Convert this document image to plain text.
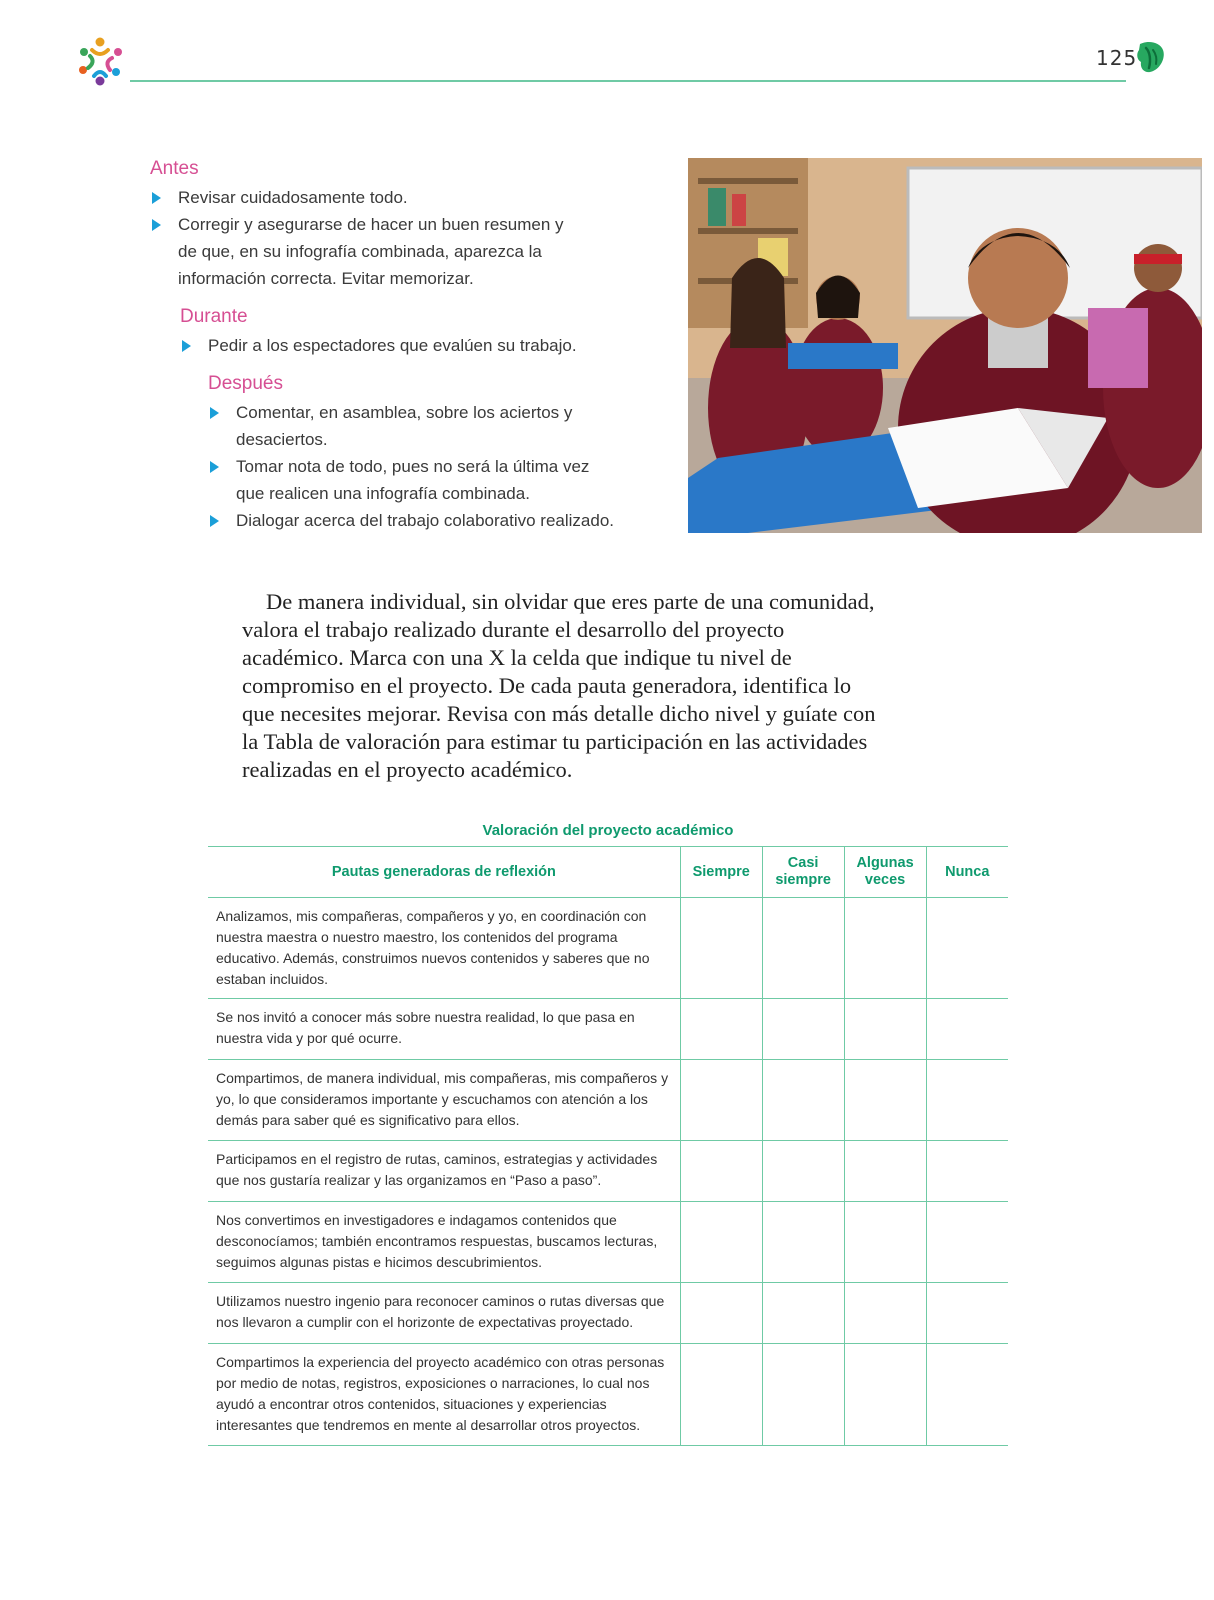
125
Antes
Revisar cuidadosamente todo.
Corregir y asegurarse de hacer un buen resumen y de que, en su infografía combinada, aparezca la información correcta. Evitar memorizar.
Durante
Pedir a los espectadores que evalúen su trabajo.
Después
Comentar, en asamblea, sobre los aciertos y desaciertos.
Tomar nota de todo, pues no será la última vez que realicen una infografía combinada.
Dialogar acerca del trabajo colaborativo realizado.

De manera individual, sin olvidar que eres parte de una comunidad, valora el trabajo realizado durante el desarrollo del proyecto académico. Marca con una X la celda que indique tu nivel de compromiso en el proyecto. De cada pauta generadora, identifica lo que necesites mejorar. Revisa con más detalle dicho nivel y guíate con la Tabla de valoración para estimar tu participación en las actividades realizadas en el proyecto académico.

Valoración del proyecto académico
Pautas generadoras de reflexión	Siempre	Casi siempre	Algunas veces	Nunca
Analizamos, mis compañeras, compañeros y yo, en coordinación con nuestra maestra o nuestro maestro, los contenidos del programa educativo. Además, construimos nuevos contenidos y saberes que no estaban incluidos.				
Se nos invitó a conocer más sobre nuestra realidad, lo que pasa en nuestra vida y por qué ocurre.				
Compartimos, de manera individual, mis compañeras, mis compañeros y yo, lo que consideramos importante y escuchamos con atención a los demás para saber qué es significativo para ellos.				
Participamos en el registro de rutas, caminos, estrategias y actividades que nos gustaría realizar y las organizamos en “Paso a paso”.				
Nos convertimos en investigadores e indagamos contenidos que desconocíamos; también encontramos respuestas, buscamos lecturas, seguimos algunas pistas e hicimos descubrimientos.				
Utilizamos nuestro ingenio para reconocer caminos o rutas diversas que nos llevaron a cumplir con el horizonte de expectativas proyectado.				
Compartimos la experiencia del proyecto académico con otras personas por medio de notas, registros, exposiciones o narraciones, lo cual nos ayudó a encontrar otros contenidos, situaciones y experiencias interesantes que tendremos en mente al desarrollar otros proyectos.				
